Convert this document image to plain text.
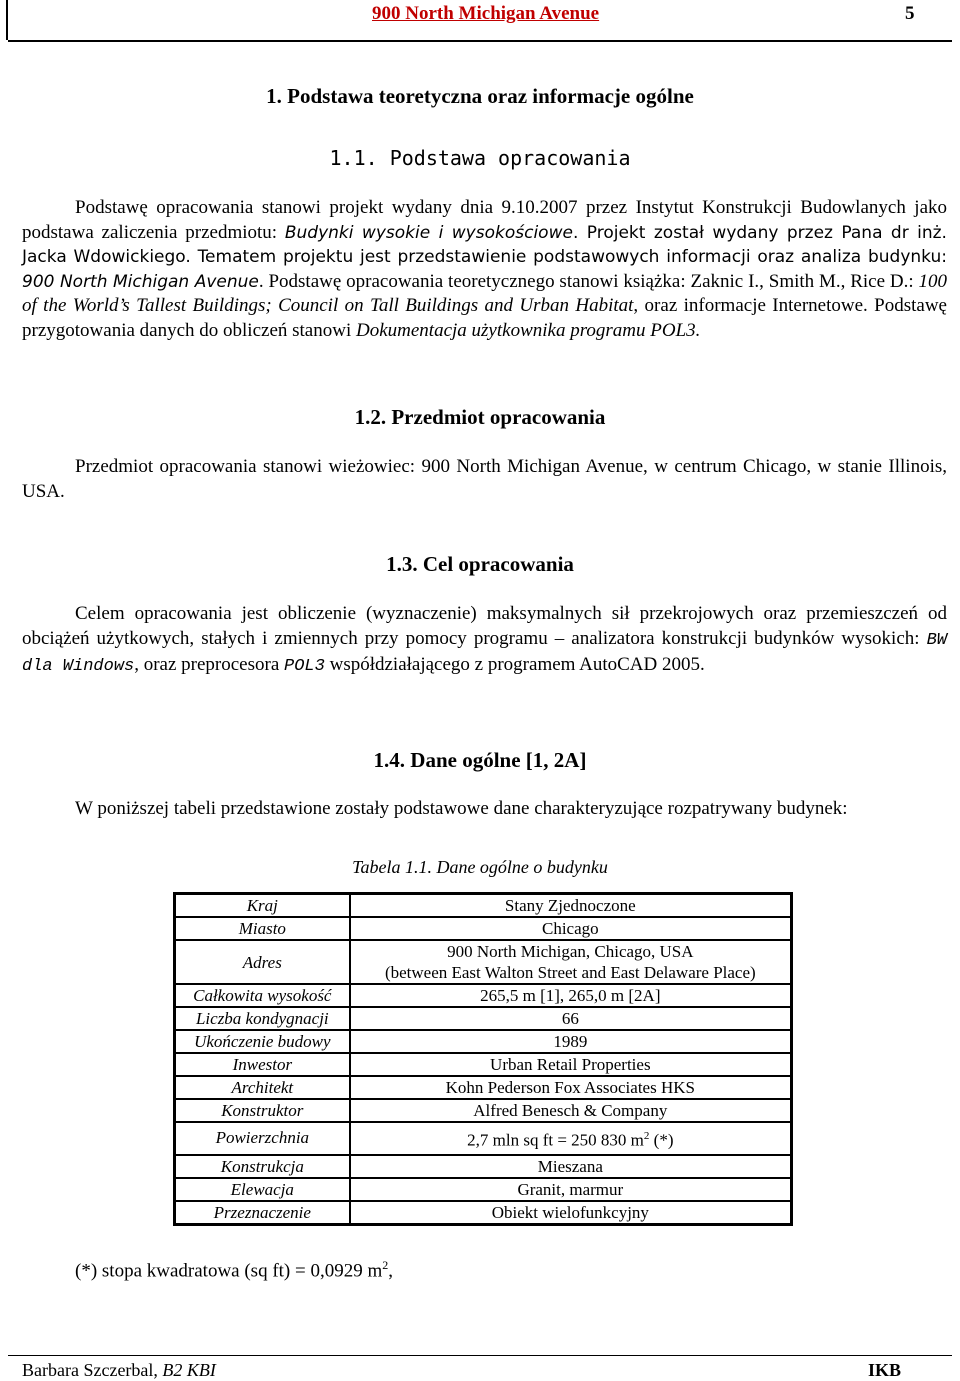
900 North Michigan Avenue	5
1. Podstawa teoretyczna oraz informacje ogólne
1.1. Podstawa opracowania
Podstawę opracowania stanowi projekt wydany dnia 9.10.2007 przez Instytut Konstrukcji Budowlanych jako podstawa zaliczenia przedmiotu: Budynki wysokie i wysokościowe. Projekt został wydany przez Pana dr inż. Jacka Wdowickiego. Tematem projektu jest przedstawienie podstawowych informacji oraz analiza budynku: 900 North Michigan Avenue. Podstawę opracowania teoretycznego stanowi książka: Zaknic I., Smith M., Rice D.: 100 of the World’s Tallest Buildings; Council on Tall Buildings and Urban Habitat, oraz informacje Internetowe. Podstawę przygotowania danych do obliczeń stanowi Dokumentacja użytkownika programu POL3.
1.2. Przedmiot opracowania
Przedmiot opracowania stanowi wieżowiec: 900 North Michigan Avenue, w centrum Chicago, w stanie Illinois, USA.
1.3. Cel opracowania
Celem opracowania jest obliczenie (wyznaczenie) maksymalnych sił przekrojowych oraz przemieszczeń od obciążeń użytkowych, stałych i zmiennych przy pomocy programu – analizatora konstrukcji budynków wysokich: BW dla Windows, oraz preprocesora POL3 współdziałającego z programem AutoCAD 2005.
1.4. Dane ogólne [1, 2A]
W poniższej tabeli przedstawione zostały podstawowe dane charakteryzujące rozpatrywany budynek:
Tabela 1.1. Dane ogólne o budynku
Kraj	Stany Zjednoczone
Miasto	Chicago
Adres	900 North Michigan, Chicago, USA
(between East Walton Street and East Delaware Place)

Całkowita wysokość	265,5 m [1], 265,0 m [2A]
Liczba kondygnacji	66
Ukończenie budowy	1989
Inwestor	Urban Retail Properties
Architekt	Kohn Pederson Fox Associates HKS
Konstruktor	Alfred Benesch & Company
Powierzchnia	2,7 mln sq ft = 250 830 $m^2$ (*)
Konstrukcja	Mieszana
Elewacja	Granit, marmur
Przeznaczenie	Obiekt wielofunkcyjny
(*) stopa kwadratowa (sq ft) = 0,0929 $m^2$,
Barbara Szczerbal, B2 KBI	IKB
